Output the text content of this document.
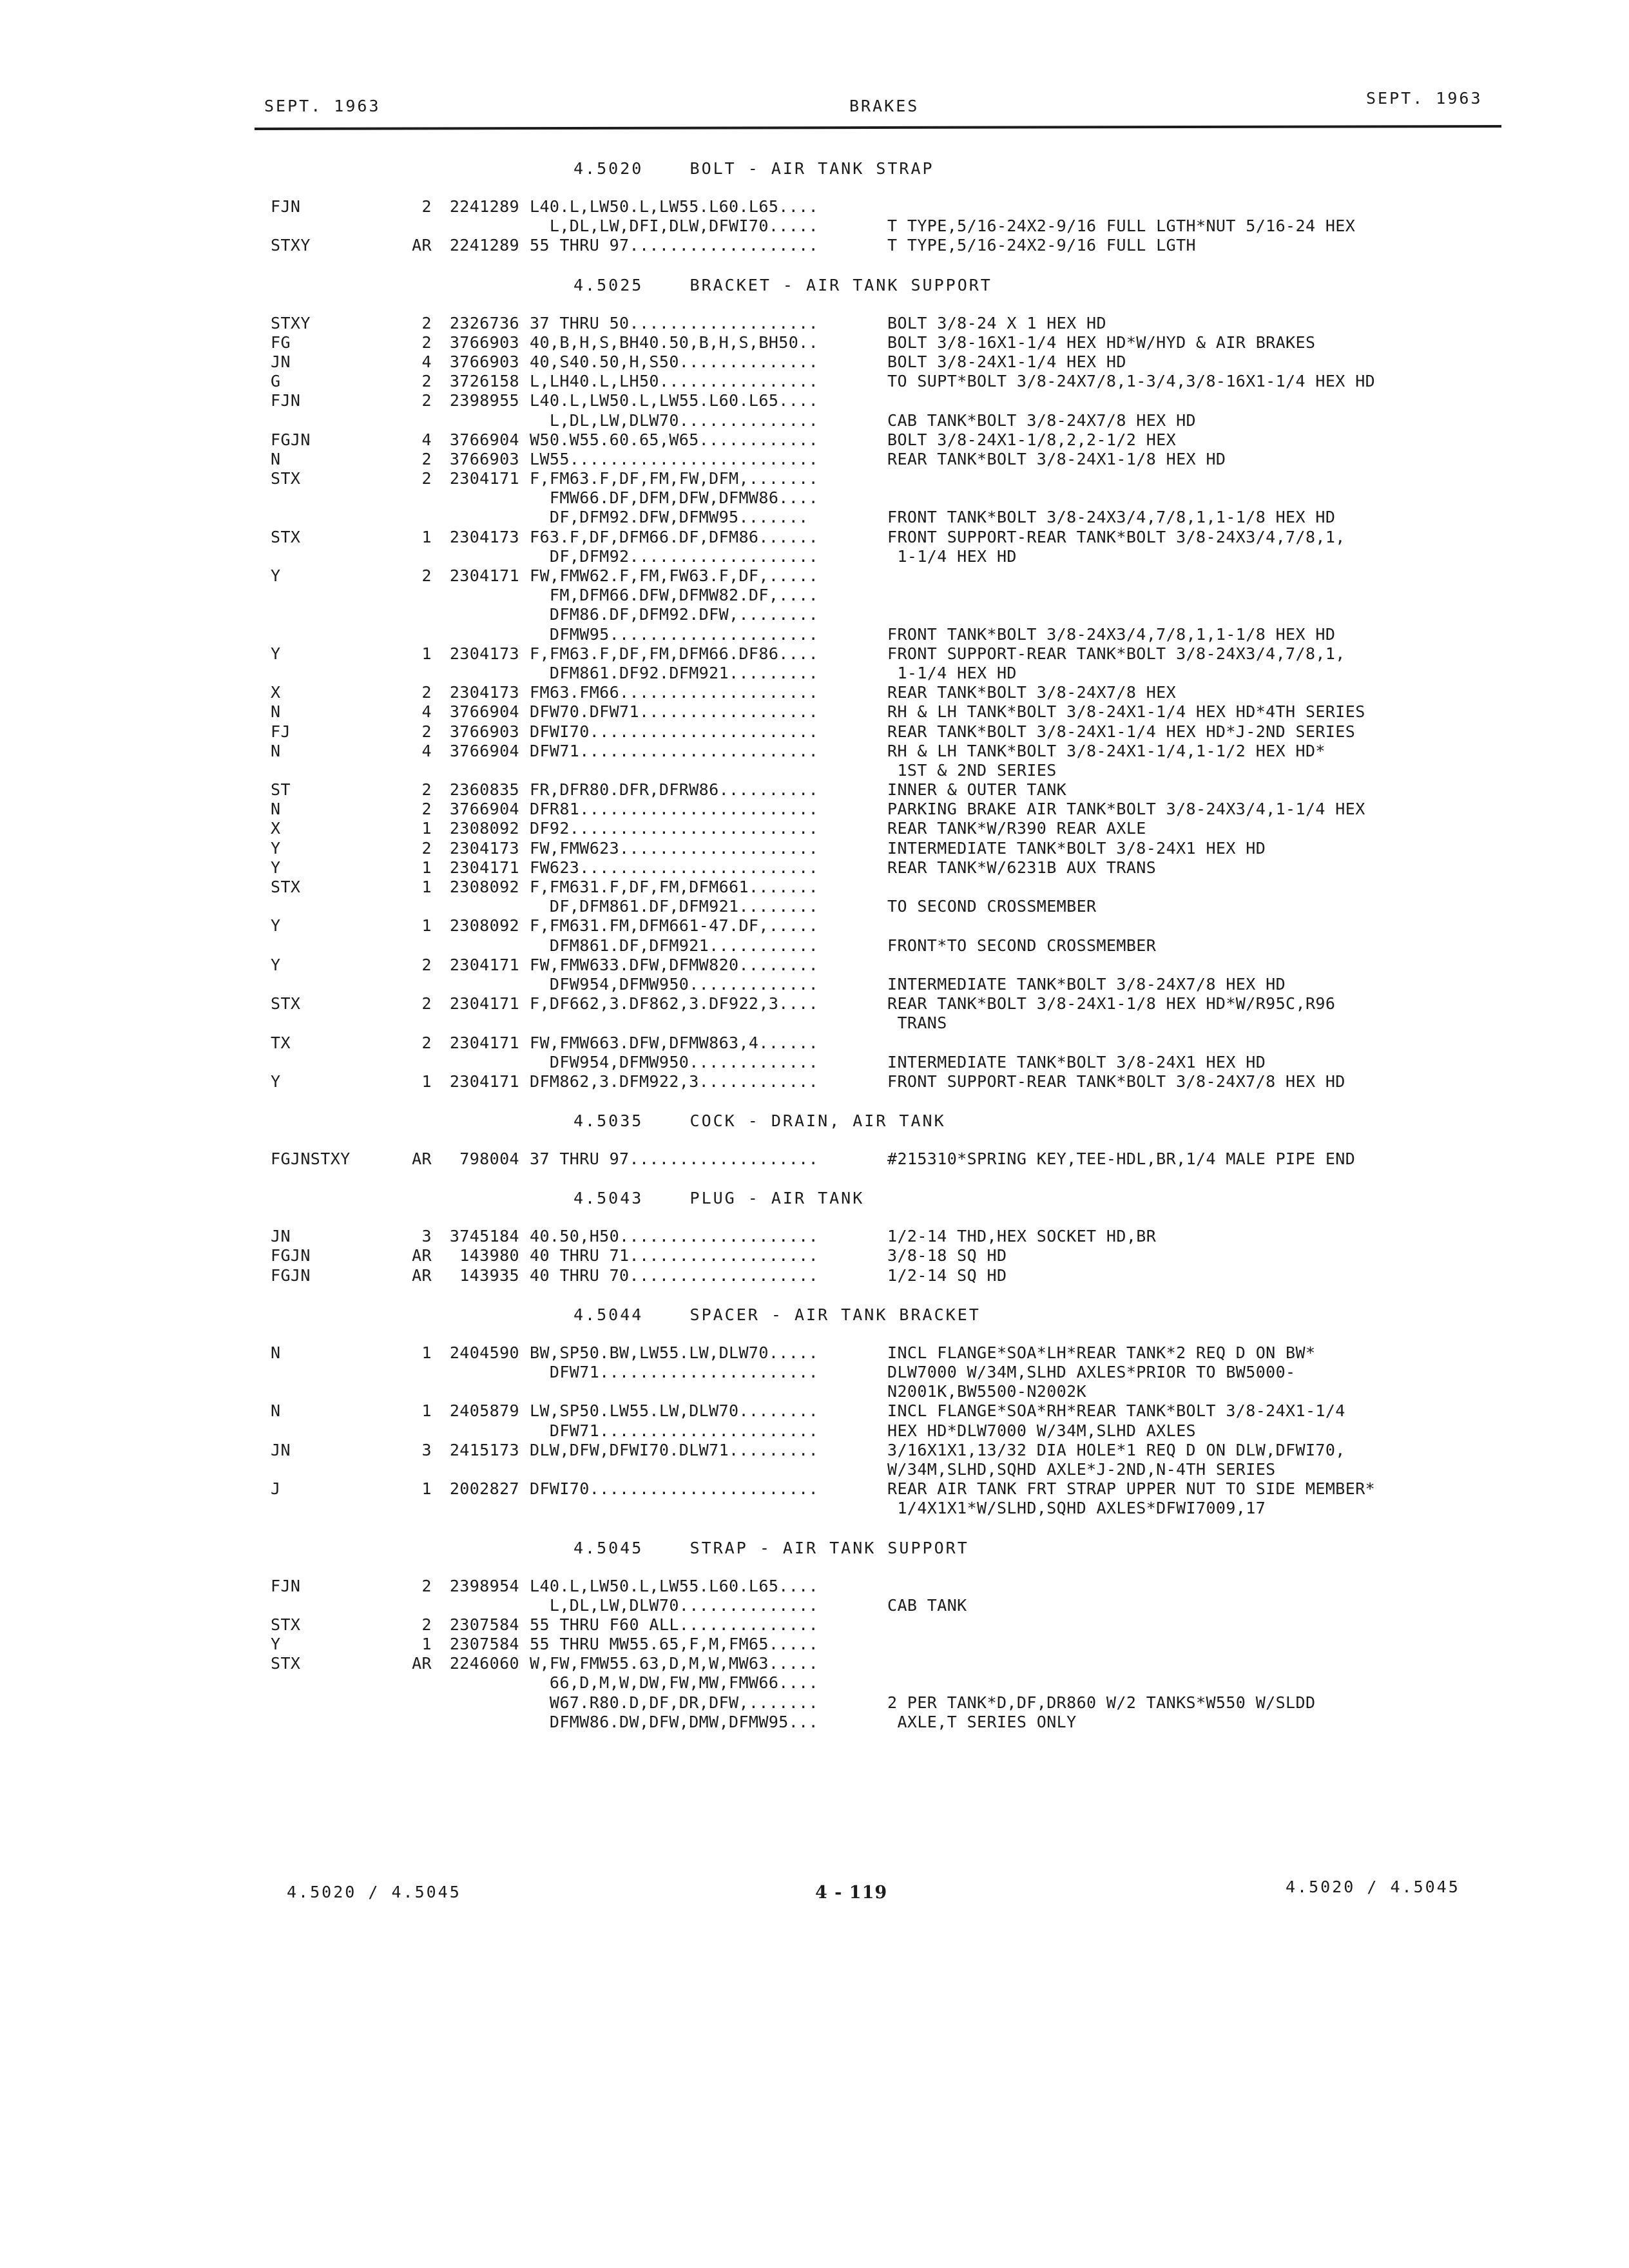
SEPT. 1963	BRAKES	SEPT. 1963
4.5020    BOLT - AIR TANK STRAP
FJN	2	2241289 L40.L,LW50.L,LW55.L60.L65....
L,DL,LW,DFI,DLW,DFWI70.....	T TYPE,5/16-24X2-9/16 FULL LGTH*NUT 5/16-24 HEX
STXY	AR	2241289 55 THRU 97...................	T TYPE,5/16-24X2-9/16 FULL LGTH
4.5025    BRACKET - AIR TANK SUPPORT
STXY	2	2326736 37 THRU 50...................	BOLT 3/8-24 X 1 HEX HD
FG	2	3766903 40,B,H,S,BH40.50,B,H,S,BH50..	BOLT 3/8-16X1-1/4 HEX HD*W/HYD & AIR BRAKES
JN	4	3766903 40,S40.50,H,S50..............	BOLT 3/8-24X1-1/4 HEX HD
G	2	3726158 L,LH40.L,LH50................	TO SUPT*BOLT 3/8-24X7/8,1-3/4,3/8-16X1-1/4 HEX HD
FJN	2	2398955 L40.L,LW50.L,LW55.L60.L65....
L,DL,LW,DLW70..............	CAB TANK*BOLT 3/8-24X7/8 HEX HD
FGJN	4	3766904 W50.W55.60.65,W65............	BOLT 3/8-24X1-1/8,2,2-1/2 HEX
N	2	3766903 LW55.........................	REAR TANK*BOLT 3/8-24X1-1/8 HEX HD
STX	2	2304171 F,FM63.F,DF,FM,FW,DFM,.......
FMW66.DF,DFM,DFW,DFMW86....
DF,DFM92.DFW,DFMW95.......	FRONT TANK*BOLT 3/8-24X3/4,7/8,1,1-1/8 HEX HD
STX	1	2304173 F63.F,DF,DFM66.DF,DFM86......	FRONT SUPPORT-REAR TANK*BOLT 3/8-24X3/4,7/8,1,
DF,DFM92...................	1-1/4 HEX HD
Y	2	2304171 FW,FMW62.F,FM,FW63.F,DF,.....
FM,DFM66.DFW,DFMW82.DF,....
DFM86.DF,DFM92.DFW,........
DFMW95.....................	FRONT TANK*BOLT 3/8-24X3/4,7/8,1,1-1/8 HEX HD
Y	1	2304173 F,FM63.F,DF,FM,DFM66.DF86....	FRONT SUPPORT-REAR TANK*BOLT 3/8-24X3/4,7/8,1,
DFM861.DF92.DFM921.........	1-1/4 HEX HD
X	2	2304173 FM63.FM66....................	REAR TANK*BOLT 3/8-24X7/8 HEX
N	4	3766904 DFW70.DFW71..................	RH & LH TANK*BOLT 3/8-24X1-1/4 HEX HD*4TH SERIES
FJ	2	3766903 DFWI70.......................	REAR TANK*BOLT 3/8-24X1-1/4 HEX HD*J-2ND SERIES
N	4	3766904 DFW71........................	RH & LH TANK*BOLT 3/8-24X1-1/4,1-1/2 HEX HD*
1ST & 2ND SERIES
ST	2	2360835 FR,DFR80.DFR,DFRW86..........	INNER & OUTER TANK
N	2	3766904 DFR81........................	PARKING BRAKE AIR TANK*BOLT 3/8-24X3/4,1-1/4 HEX
X	1	2308092 DF92.........................	REAR TANK*W/R390 REAR AXLE
Y	2	2304173 FW,FMW623....................	INTERMEDIATE TANK*BOLT 3/8-24X1 HEX HD
Y	1	2304171 FW623........................	REAR TANK*W/6231B AUX TRANS
STX	1	2308092 F,FM631.F,DF,FM,DFM661.......
DF,DFM861.DF,DFM921........	TO SECOND CROSSMEMBER
Y	1	2308092 F,FM631.FM,DFM661-47.DF,.....
DFM861.DF,DFM921...........	FRONT*TO SECOND CROSSMEMBER
Y	2	2304171 FW,FMW633.DFW,DFMW820........
DFW954,DFMW950.............	INTERMEDIATE TANK*BOLT 3/8-24X7/8 HEX HD
STX	2	2304171 F,DF662,3.DF862,3.DF922,3....	REAR TANK*BOLT 3/8-24X1-1/8 HEX HD*W/R95C,R96
TRANS
TX	2	2304171 FW,FMW663.DFW,DFMW863,4......
DFW954,DFMW950.............	INTERMEDIATE TANK*BOLT 3/8-24X1 HEX HD
Y	1	2304171 DFM862,3.DFM922,3............	FRONT SUPPORT-REAR TANK*BOLT 3/8-24X7/8 HEX HD
4.5035    COCK - DRAIN, AIR TANK
FGJNSTXY	AR	798004 37 THRU 97...................	#215310*SPRING KEY,TEE-HDL,BR,1/4 MALE PIPE END
4.5043    PLUG - AIR TANK
JN	3	3745184 40.50,H50....................	1/2-14 THD,HEX SOCKET HD,BR
FGJN	AR	143980 40 THRU 71...................	3/8-18 SQ HD
FGJN	AR	143935 40 THRU 70...................	1/2-14 SQ HD
4.5044    SPACER - AIR TANK BRACKET
N	1	2404590 BW,SP50.BW,LW55.LW,DLW70.....	INCL FLANGE*SOA*LH*REAR TANK*2 REQ D ON BW*
DFW71......................	DLW7000 W/34M,SLHD AXLES*PRIOR TO BW5000-
N2001K,BW5500-N2002K
N	1	2405879 LW,SP50.LW55.LW,DLW70........	INCL FLANGE*SOA*RH*REAR TANK*BOLT 3/8-24X1-1/4
DFW71......................	HEX HD*DLW7000 W/34M,SLHD AXLES
JN	3	2415173 DLW,DFW,DFWI70.DLW71.........	3/16X1X1,13/32 DIA HOLE*1 REQ D ON DLW,DFWI70,
W/34M,SLHD,SQHD AXLE*J-2ND,N-4TH SERIES
J	1	2002827 DFWI70.......................	REAR AIR TANK FRT STRAP UPPER NUT TO SIDE MEMBER*
1/4X1X1*W/SLHD,SQHD AXLES*DFWI7009,17
4.5045    STRAP - AIR TANK SUPPORT
FJN	2	2398954 L40.L,LW50.L,LW55.L60.L65....
L,DL,LW,DLW70..............	CAB TANK
STX	2	2307584 55 THRU F60 ALL..............
Y	1	2307584 55 THRU MW55.65,F,M,FM65.....
STX	AR	2246060 W,FW,FMW55.63,D,M,W,MW63.....
66,D,M,W,DW,FW,MW,FMW66....
W67.R80.D,DF,DR,DFW,.......	2 PER TANK*D,DF,DR860 W/2 TANKS*W550 W/SLDD
DFMW86.DW,DFW,DMW,DFMW95...	AXLE,T SERIES ONLY
4.5020 / 4.5045	4 - 119	4.5020 / 4.5045
